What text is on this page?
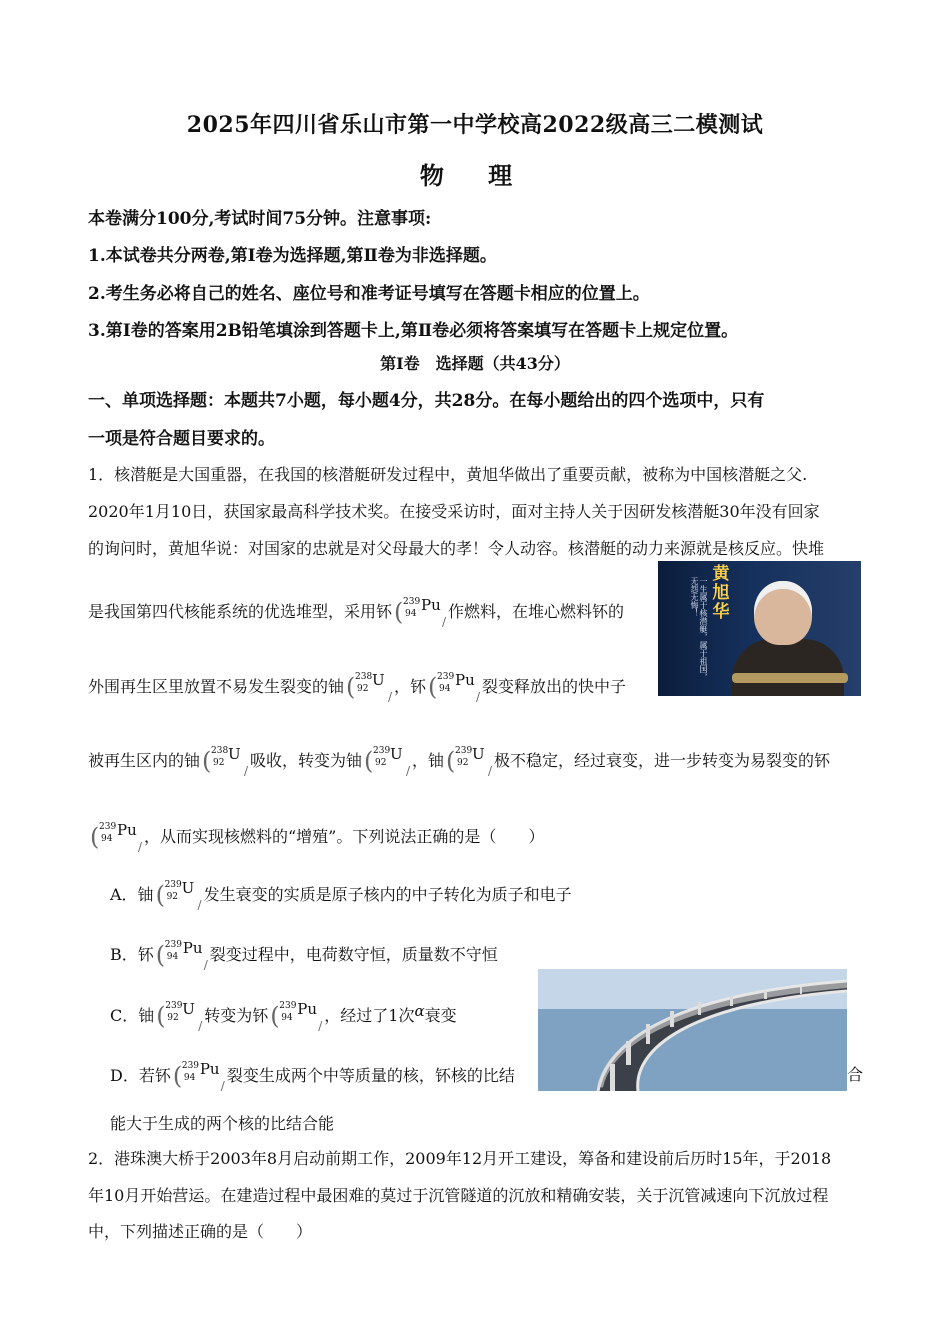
2025年四川省乐山市第一中学校高2022级高三二模测试
物 理
本卷满分100分,考试时间75分钟。注意事项:
1.本试卷共分两卷,第Ⅰ卷为选择题,第Ⅱ卷为非选择题。
2.考生务必将自己的姓名、座位号和准考证号填写在答题卡相应的位置上。
3.第Ⅰ卷的答案用2B铅笔填涂到答题卡上,第Ⅱ卷必须将答案填写在答题卡上规定位置。
第Ⅰ卷　选择题（共43分）
一、单项选择题：本题共7小题，每小题4分，共28分。在每小题给出的四个选项中，只有
一项是符合题目要求的。
1．核潜艇是大国重器，在我国的核潜艇研发过程中，黄旭华做出了重要贡献，被称为中国核潜艇之父.
2020年1月10日，获国家最高科学技术奖。在接受采访时，面对主持人关于因研发核潜艇30年没有回家
的询问时，黄旭华说：对国家的忠就是对父母最大的孝！令人动容。核潜艇的动力来源就是核反应。快堆
是我国第四代核能系统的优选堆型，采用钚 ( 239
94 Pu
/
作燃料，在堆心燃料钚的
外围再生区里放置不易发生裂变的铀 ( 238
92 U
/
，钚 ( 239
94 Pu
/
裂变释放出的快中子
被再生区内的铀 ( 238
92 U
/
吸收，转变为铀 ( 239
92 U
/
，铀 ( 239
92 U
/
极不稳定，经过衰变，进一步转变为易裂变的钚
( 239
94 Pu
/
，从而实现核燃料的“增殖”。下列说法正确的是（　　）
A．铀 ( 239
92 U
/
发生衰变的实质是原子核内的中子转化为质子和电子
B．钚 ( 239
94 Pu
/
裂变过程中，电荷数守恒，质量数不守恒
C．铀 ( 239
92 U
/
转变为钚 ( 239
94 Pu
/
，经过了1次α衰变
D．若钚 ( 239
94 Pu
/
裂变生成两个中等质量的核，钚核的比结	合
能大于生成的两个核的比结合能
一生属于核潜艇，属于祖国，无怨无悔！
黄旭华
2．港珠澳大桥于2003年8月启动前期工作，2009年12月开工建设，筹备和建设前后历时15年，于2018
年10月开始营运。在建造过程中最困难的莫过于沉管隧道的沉放和精确安装，关于沉管减速向下沉放过程
中，下列描述正确的是（　　）
